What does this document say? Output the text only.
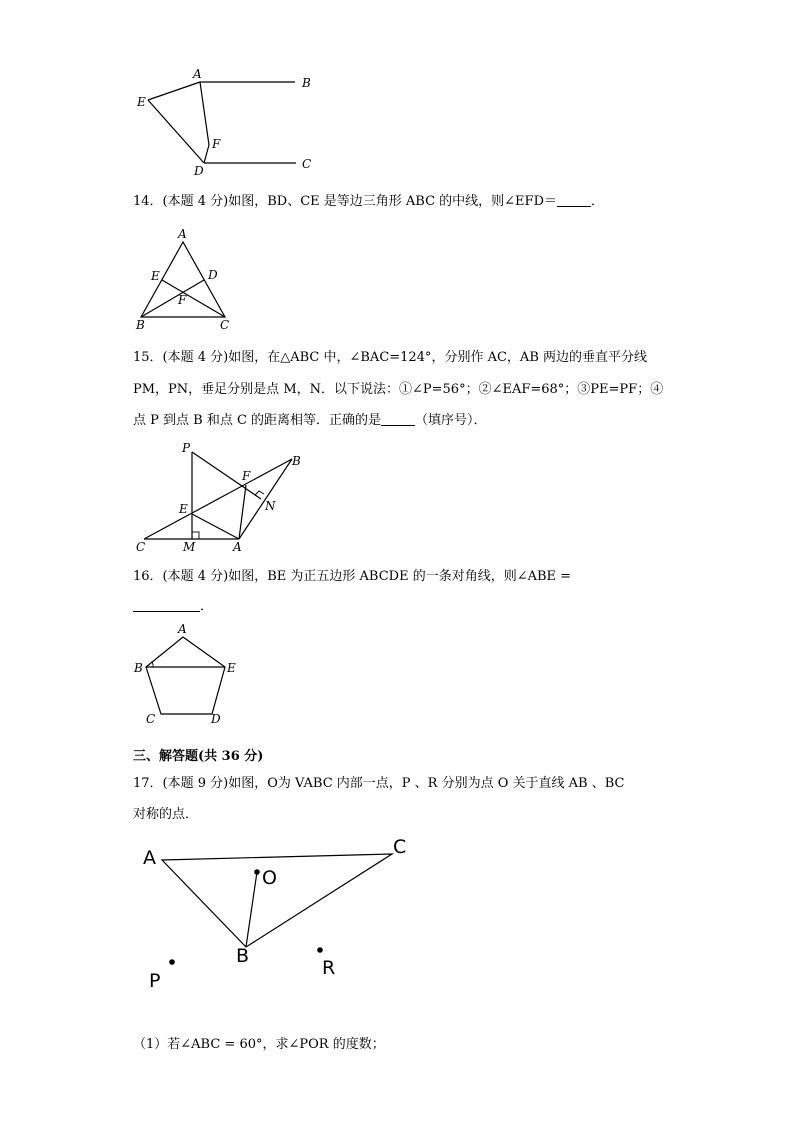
A
B
E
F
D	C
14．(本题 4 分)如图，BD、CE 是等边三角形 ABC 的中线，则∠EFD＝	．
A
E	D
F
B	C
15．(本题 4 分)如图，在△ABC 中，∠BAC=124°，分别作 AC，AB 两边的垂直平分线
PM，PN，垂足分别是点 M，N．以下说法：①∠P=56°；②∠EAF=68°；③PE=PF；④
点 P 到点 B 和点 C 的距离相等．正确的是	（填序号）．
P
B
F
N
E
C	M	A
16．(本题 4 分)如图，BE 为正五边形 ABCDE 的一条对角线，则∠ABE =
．
A
B	E
C	D
三、解答题(共 36 分)
17．(本题 9 分)如图，O为 VABC 内部一点，P 、R 分别为点 O 关于直线 AB 、BC
对称的点．
A	C
O
B
P
R
（1）若∠ABC = 60°，求∠POR 的度数；
